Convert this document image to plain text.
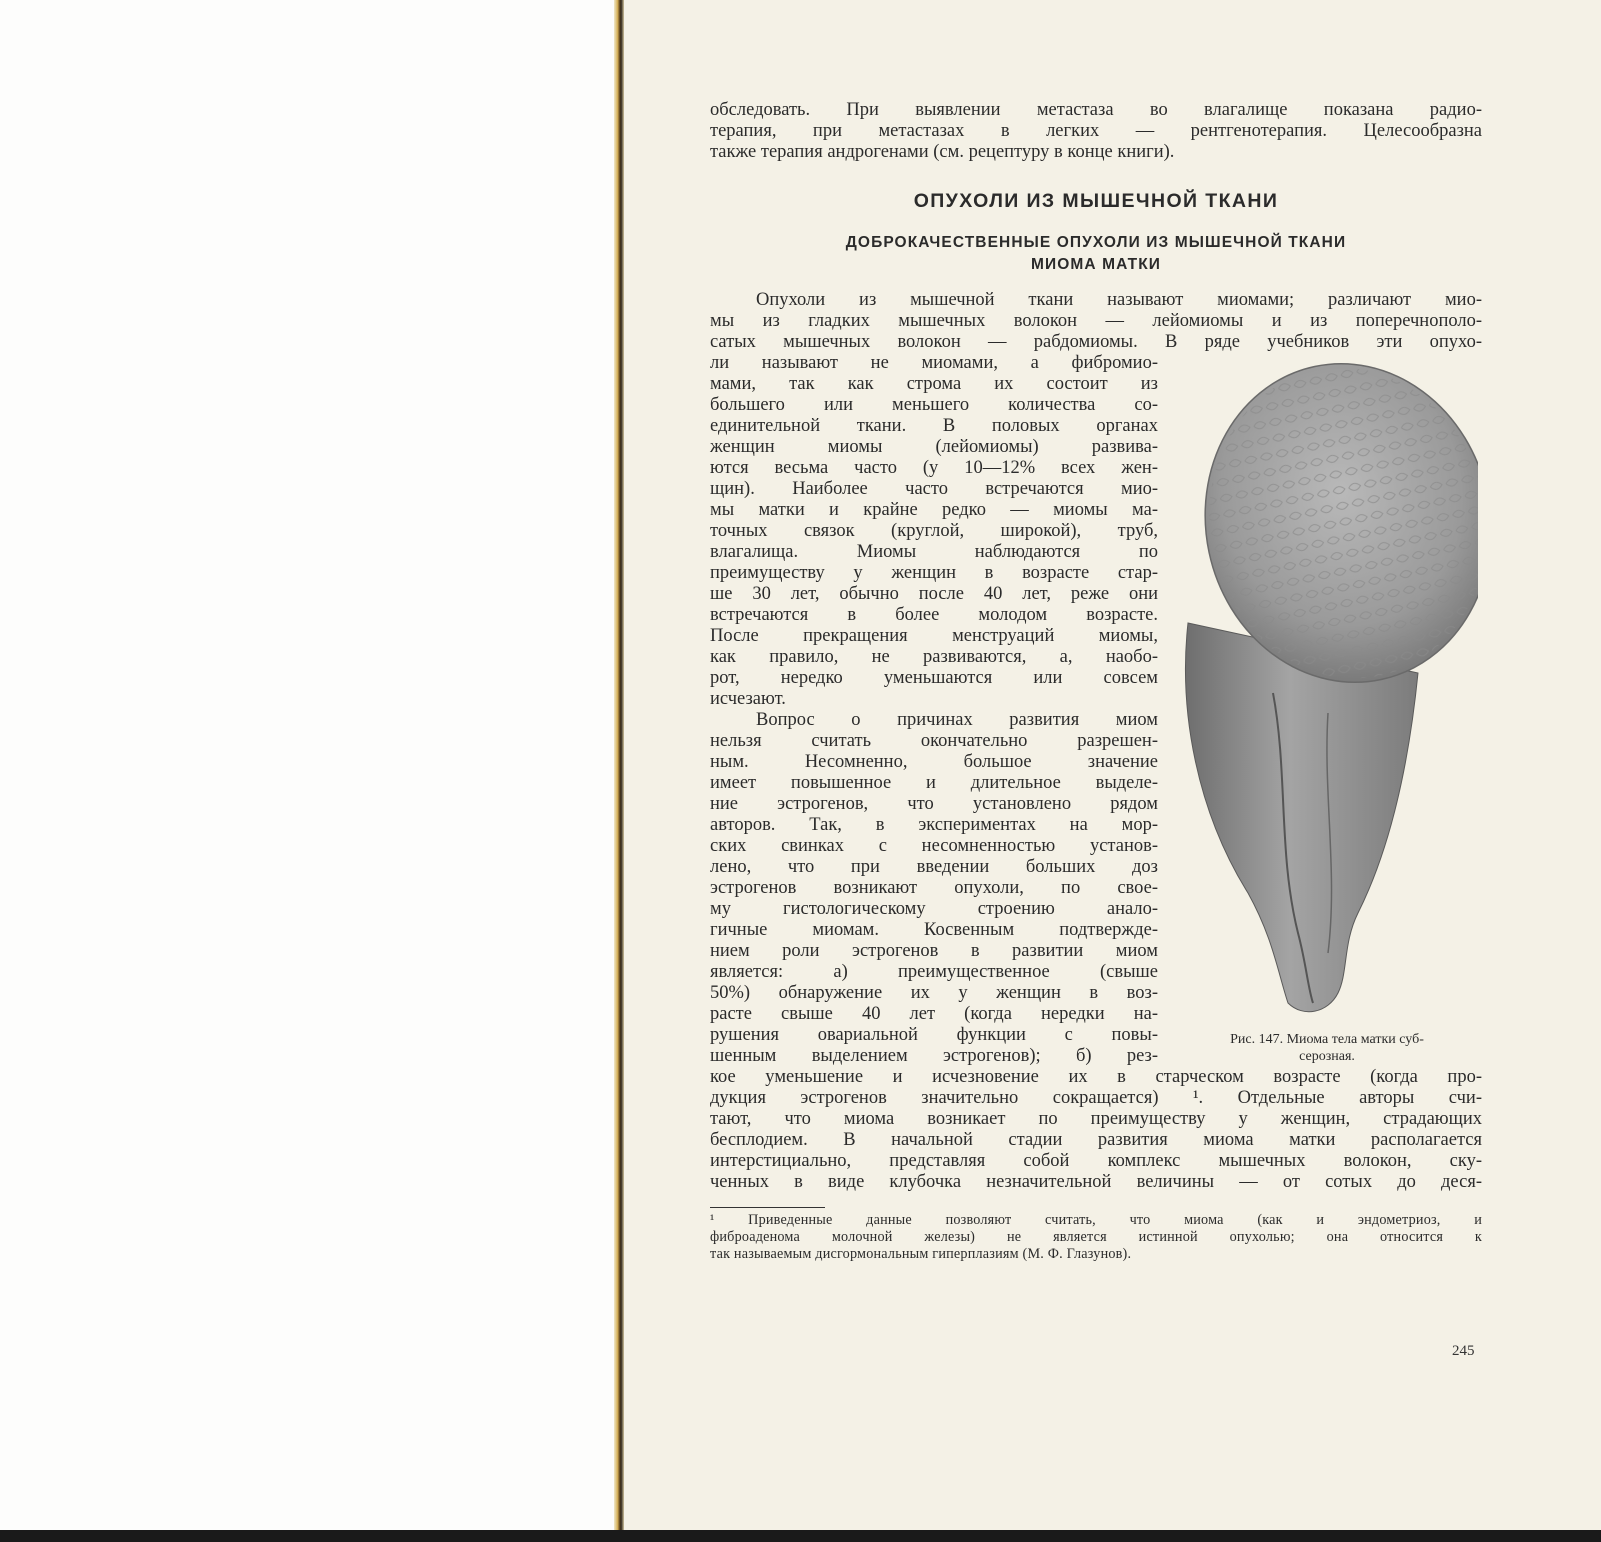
обследовать. При выявлении метастаза во влагалище показана радио-
терапия, при метастазах в легких — рентгенотерапия. Целесообразна
также терапия андрогенами (см. рецептуру в конце книги).
ОПУХОЛИ ИЗ МЫШЕЧНОЙ ТКАНИ
ДОБРОКАЧЕСТВЕННЫЕ ОПУХОЛИ ИЗ МЫШЕЧНОЙ ТКАНИ
МИОМА МАТКИ
Опухоли из мышечной ткани называют миомами; различают мио-
мы из гладких мышечных волокон — лейомиомы и из поперечнополо-
сатых мышечных волокон — рабдомиомы. В ряде учебников эти опухо-
ли называют не миомами, а фибромио-
мами, так как строма их состоит из
большего или меньшего количества со-
единительной ткани. В половых органах
женщин миомы (лейомиомы) развива-
ются весьма часто (у 10—12% всех жен-
щин). Наиболее часто встречаются мио-
мы матки и крайне редко — миомы ма-
точных связок (круглой, широкой), труб,
влагалища. Миомы наблюдаются по
преимуществу у женщин в возрасте стар-
ше 30 лет, обычно после 40 лет, реже они
встречаются в более молодом возрасте.
После прекращения менструаций миомы,
как правило, не развиваются, а, наобо-
рот, нередко уменьшаются или совсем
исчезают.
Вопрос о причинах развития миом
нельзя считать окончательно разрешен-
ным. Несомненно, большое значение
имеет повышенное и длительное выделе-
ние эстрогенов, что установлено рядом
авторов. Так, в экспериментах на мор-
ских свинках с несомненностью устанoв-
лено, что при введении больших доз
эстрогенов возникают опухоли, по свое-
му гистологическому строению анало-
гичные миомам. Косвенным подтвержде-
нием роли эстрогенов в развитии миом
является: а) преимущественное (свыше
50%) обнаружение их у женщин в воз-
расте свыше 40 лет (когда нередки на-
рушения овариальной функции с повы-
шенным выделением эстрогенов); б) рез-
Рис. 147. Миома тела матки суб-
серозная.
кое уменьшение и исчезновение их в старческом возрасте (когда про-
дукция эстрогенов значительно сокращается) ¹. Отдельные авторы счи-
тают, что миома возникает по преимуществу у женщин, страдающих
бесплодием. В начальной стадии развития миома матки располагается
интерстициально, представляя собой комплекс мышечных волокон, ску-
ченных в виде клубочка незначительной величины — от сотых до деся-
¹ Приведенные данные позволяют считать, что миома (как и эндометриоз, и
фиброаденома молочной железы) не является истинной опухолью; она относится к
так называемым дисгормональным гиперплазиям (М. Ф. Глазунов).
245
